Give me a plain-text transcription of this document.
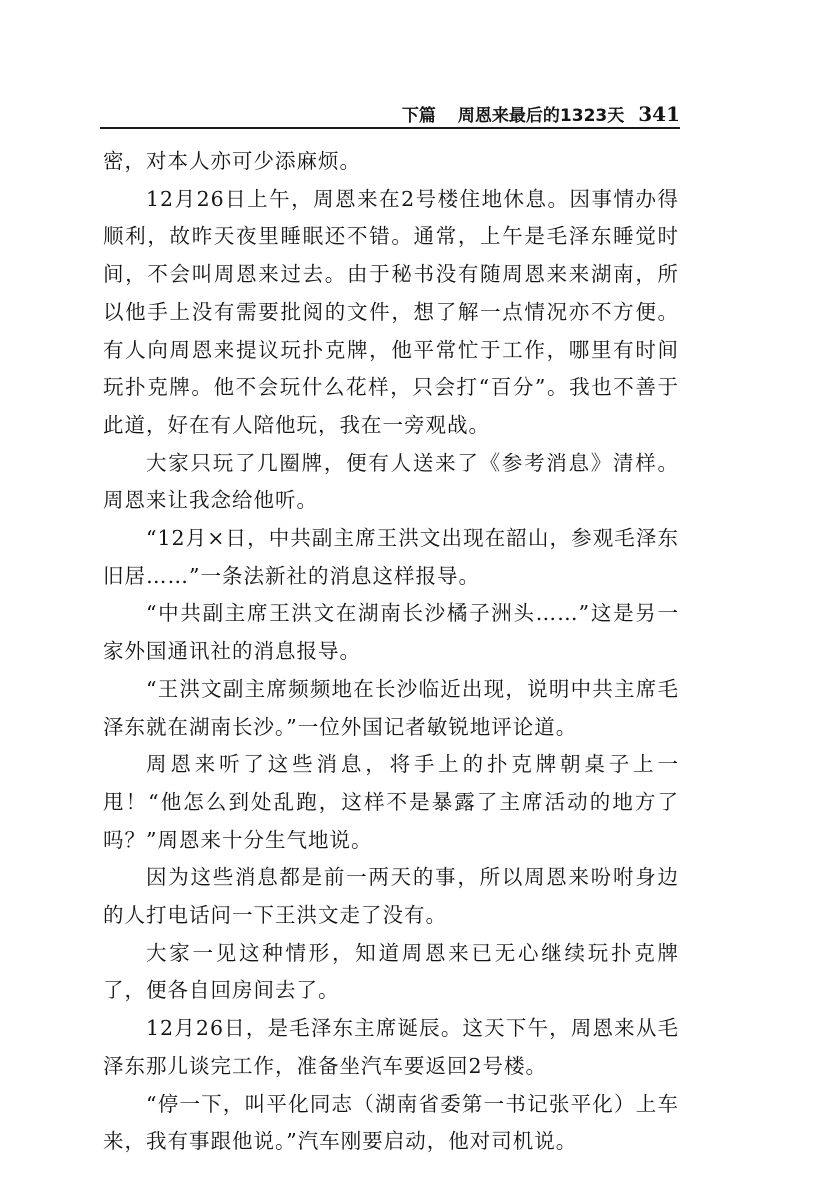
下篇 周恩来最后的1323天 341

密，对本人亦可少添麻烦。

12月26日上午，周恩来在2号楼住地休息。因事情办得顺利，故昨天夜里睡眠还不错。通常，上午是毛泽东睡觉时间，不会叫周恩来过去。由于秘书没有随周恩来来湖南，所以他手上没有需要批阅的文件，想了解一点情况亦不方便。有人向周恩来提议玩扑克牌，他平常忙于工作，哪里有时间玩扑克牌。他不会玩什么花样，只会打“百分”。我也不善于此道，好在有人陪他玩，我在一旁观战。

大家只玩了几圈牌，便有人送来了《参考消息》清样。周恩来让我念给他听。

“12月×日，中共副主席王洪文出现在韶山，参观毛泽东旧居……”一条法新社的消息这样报导。

“中共副主席王洪文在湖南长沙橘子洲头……”这是另一家外国通讯社的消息报导。

“王洪文副主席频频地在长沙临近出现，说明中共主席毛泽东就在湖南长沙。”一位外国记者敏锐地评论道。

周恩来听了这些消息，将手上的扑克牌朝桌子上一甩！“他怎么到处乱跑，这样不是暴露了主席活动的地方了吗？”周恩来十分生气地说。

因为这些消息都是前一两天的事，所以周恩来吩咐身边的人打电话问一下王洪文走了没有。

大家一见这种情形，知道周恩来已无心继续玩扑克牌了，便各自回房间去了。

12月26日，是毛泽东主席诞辰。这天下午，周恩来从毛泽东那儿谈完工作，准备坐汽车要返回2号楼。

“停一下，叫平化同志（湖南省委第一书记张平化）上车来，我有事跟他说。”汽车刚要启动，他对司机说。
